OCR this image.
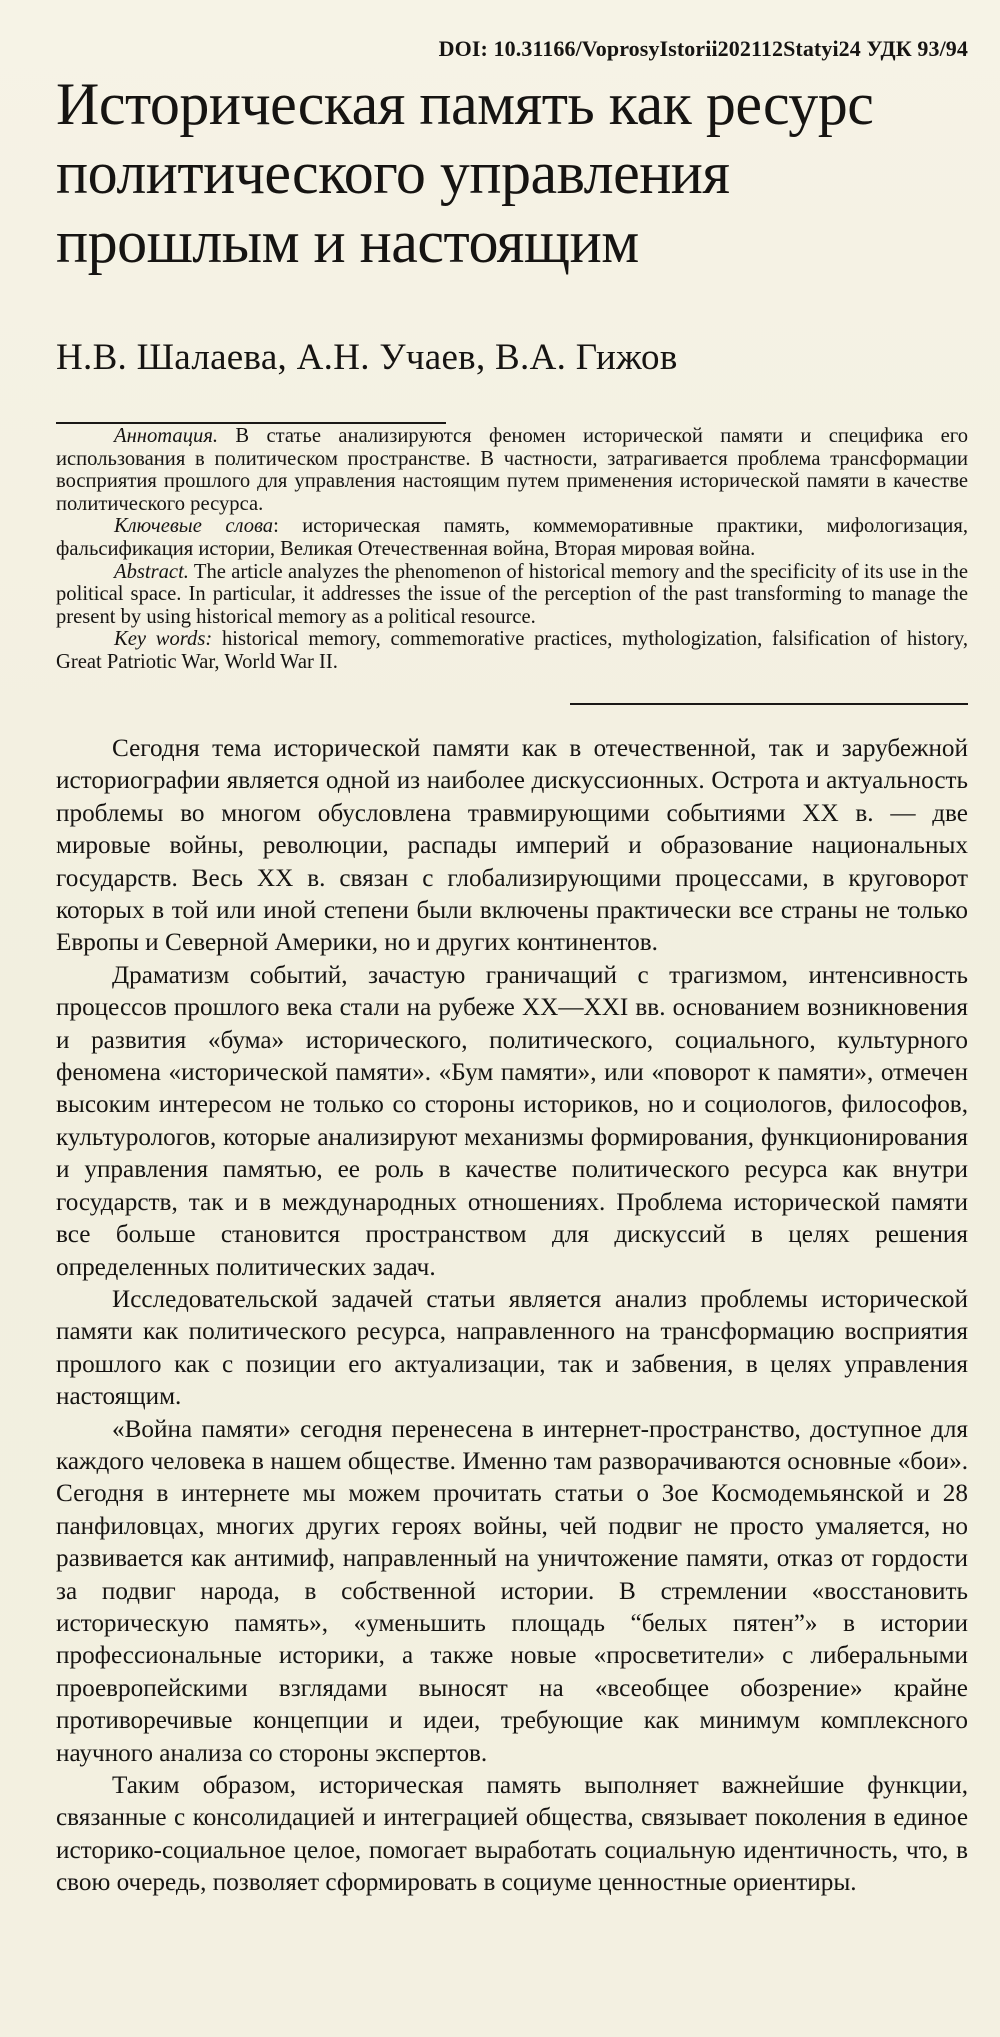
DOI: 10.31166/VoprosyIstorii202112Statyi24 УДК 93/94
Историческая память как ресурс политического управления прошлым и настоящим
Н.В. Шалаева, А.Н. Учаев, В.А. Гижов

Аннотация. В статье анализируются феномен исторической памяти и специфика его использования в политическом пространстве. В частности, затрагивается проблема трансформации восприятия прошлого для управления настоящим путем применения исторической памяти в качестве политического ресурса.

Ключевые слова: историческая память, коммеморативные практики, мифологизация, фальсификация истории, Великая Отечественная война, Вторая мировая война.

Abstract. The article analyzes the phenomenon of historical memory and the specificity of its use in the political space. In particular, it addresses the issue of the perception of the past transforming to manage the present by using historical memory as a political resource.

Key words: historical memory, commemorative practices, mythologization, falsification of history, Great Patriotic War, World War II.

Сегодня тема исторической памяти как в отечественной, так и зарубежной историографии является одной из наиболее дискуссионных. Острота и актуальность проблемы во многом обусловлена травмирующими событиями XX в. — две мировые войны, революции, распады империй и образование национальных государств. Весь XX в. связан с глобализирующими процессами, в круговорот которых в той или иной степени были включены практически все страны не только Европы и Северной Америки, но и других континентов.

Драматизм событий, зачастую граничащий с трагизмом, интенсивность процессов прошлого века стали на рубеже XX—XXI вв. основанием возникновения и развития «бума» исторического, политического, социального, культурного феномена «исторической памяти». «Бум памяти», или «поворот к памяти», отмечен высоким интересом не только со стороны историков, но и социологов, философов, культурологов, которые анализируют механизмы формирования, функционирования и управления памятью, ее роль в качестве политического ресурса как внутри государств, так и в международных отношениях. Проблема исторической памяти все больше становится пространством для дискуссий в целях решения определенных политических задач.

Исследовательской задачей статьи является анализ проблемы исторической памяти как политического ресурса, направленного на трансформацию восприятия прошлого как с позиции его актуализации, так и забвения, в целях управления настоящим.

«Война памяти» сегодня перенесена в интернет-пространство, доступное для каждого человека в нашем обществе. Именно там разворачиваются основные «бои». Сегодня в интернете мы можем прочитать статьи о Зое Космодемьянской и 28 панфиловцах, многих других героях войны, чей подвиг не просто умаляется, но развивается как антимиф, направленный на уничтожение памяти, отказ от гордости за подвиг народа, в собственной истории. В стремлении «восстановить историческую память», «уменьшить площадь “белых пятен”» в истории профессиональные историки, а также новые «просветители» с либеральными проевропейскими взглядами выносят на «всеобщее обозрение» крайне противоречивые концепции и идеи, требующие как минимум комплексного научного анализа со стороны экспертов.

Таким образом, историческая память выполняет важнейшие функции, связанные с консолидацией и интеграцией общества, связывает поколения в единое историко-социальное целое, помогает выработать социальную идентичность, что, в свою очередь, позволяет сформировать в социуме ценностные ориентиры.
